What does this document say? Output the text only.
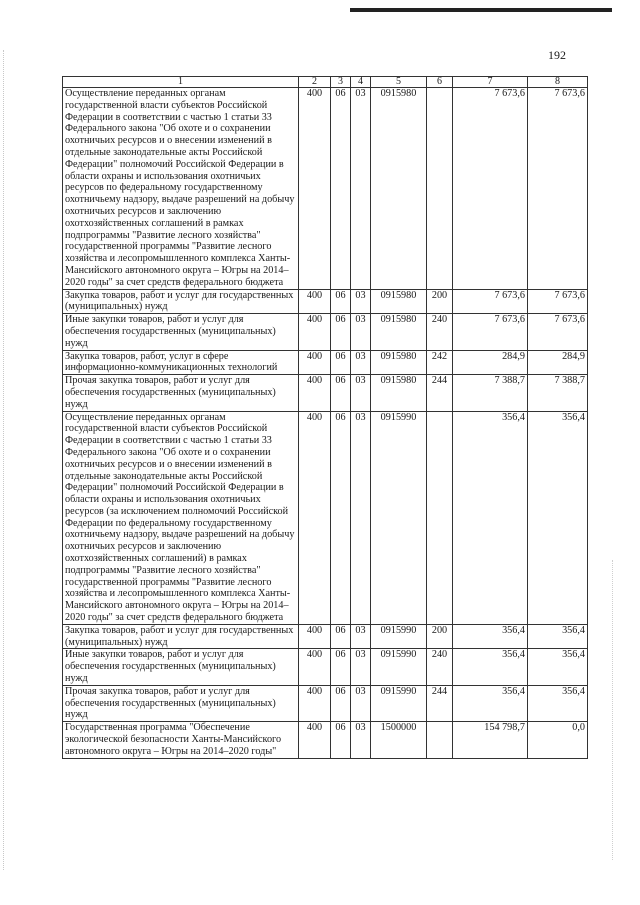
192
1	2	3	4	5	6	7	8
Осуществление переданных органам государственной власти субъектов Российской Федерации в соответствии с частью 1 статьи 33 Федерального закона "Об охоте и о сохранении охотничьих ресурсов и о внесении изменений в отдельные законодательные акты Российской Федерации" полномочий Российской Федерации в области охраны и использования охотничьих ресурсов по федеральному государственному охотничьему надзору, выдаче разрешений на добычу охотничьих ресурсов и заключению охотхозяйственных соглашений в рамках подпрограммы "Развитие лесного хозяйства" государственной программы "Развитие лесного хозяйства и лесопромышленного комплекса Ханты-Мансийского автономного округа – Югры на 2014–2020 годы" за счет средств федерального бюджета	400	06	03	0915980		7 673,6	7 673,6
Закупка товаров, работ и услуг для государственных (муниципальных) нужд	400	06	03	0915980	200	7 673,6	7 673,6
Иные закупки товаров, работ и услуг для обеспечения государственных (муниципальных) нужд	400	06	03	0915980	240	7 673,6	7 673,6
Закупка товаров, работ, услуг в сфере информационно-коммуникационных технологий	400	06	03	0915980	242	284,9	284,9
Прочая закупка товаров, работ и услуг для обеспечения государственных (муниципальных) нужд	400	06	03	0915980	244	7 388,7	7 388,7
Осуществление переданных органам государственной власти субъектов Российской Федерации в соответствии с частью 1 статьи 33 Федерального закона "Об охоте и о сохранении охотничьих ресурсов и о внесении изменений в отдельные законодательные акты Российской Федерации" полномочий Российской Федерации в области охраны и использования охотничьих ресурсов (за исключением полномочий Российской Федерации по федеральному государственному охотничьему надзору, выдаче разрешений на добычу охотничьих ресурсов и заключению охотхозяйственных соглашений) в рамках подпрограммы "Развитие лесного хозяйства" государственной программы "Развитие лесного хозяйства и лесопромышленного комплекса Ханты-Мансийского автономного округа – Югры на 2014–2020 годы" за счет средств федерального бюджета	400	06	03	0915990		356,4	356,4
Закупка товаров, работ и услуг для государственных (муниципальных) нужд	400	06	03	0915990	200	356,4	356,4
Иные закупки товаров, работ и услуг для обеспечения государственных (муниципальных) нужд	400	06	03	0915990	240	356,4	356,4
Прочая закупка товаров, работ и услуг для обеспечения государственных (муниципальных) нужд	400	06	03	0915990	244	356,4	356,4
Государственная программа "Обеспечение экологической безопасности Ханты-Мансийского автономного округа – Югры на 2014–2020 годы"	400	06	03	1500000		154 798,7	0,0
